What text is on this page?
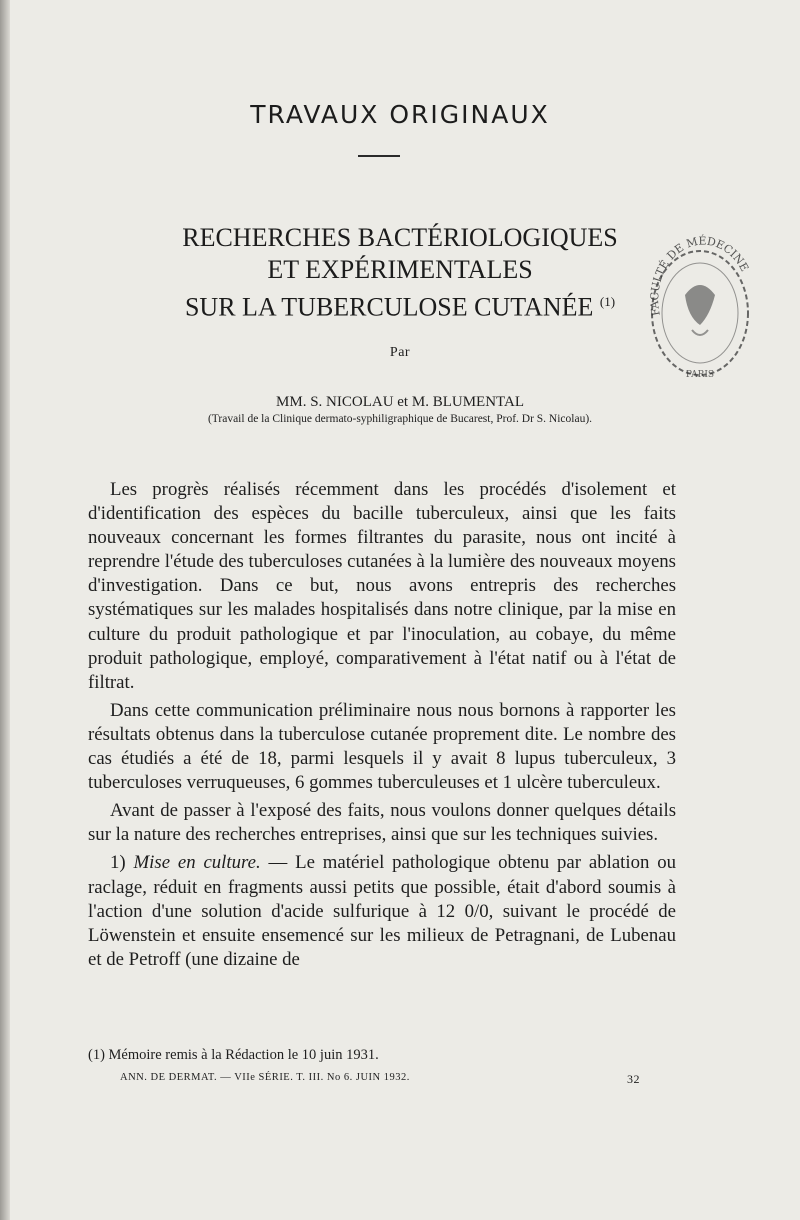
TRAVAUX ORIGINAUX
RECHERCHES BACTÉRIOLOGIQUES
ET EXPÉRIMENTALES
SUR LA TUBERCULOSE CUTANÉE $^{(1)}$
FACULTÉ DE MÉDECINE
PARIS
Par
MM. S. NICOLAU et M. BLUMENTAL
(Travail de la Clinique dermato-syphiligraphique de Bucarest, Prof. Dr S. Nicolau).

Les progrès réalisés récemment dans les procédés d'isolement et d'identification des espèces du bacille tuberculeux, ainsi que les faits nouveaux concernant les formes filtrantes du parasite, nous ont incité à reprendre l'étude des tuberculoses cutanées à la lumière des nouveaux moyens d'investigation. Dans ce but, nous avons entrepris des recherches systématiques sur les malades hospitalisés dans notre clinique, par la mise en culture du produit pathologique et par l'inoculation, au cobaye, du même produit pathologique, employé, comparativement à l'état natif ou à l'état de filtrat.

Dans cette communication préliminaire nous nous bornons à rapporter les résultats obtenus dans la tuberculose cutanée proprement dite. Le nombre des cas étudiés a été de 18, parmi lesquels il y avait 8 lupus tuberculeux, 3 tuberculoses verruqueuses, 6 gommes tuberculeuses et 1 ulcère tuberculeux.

Avant de passer à l'exposé des faits, nous voulons donner quelques détails sur la nature des recherches entreprises, ainsi que sur les techniques suivies.

1) Mise en culture. — Le matériel pathologique obtenu par ablation ou raclage, réduit en fragments aussi petits que possible, était d'abord soumis à l'action d'une solution d'acide sulfurique à 12 0/0, suivant le procédé de Löwenstein et ensuite ensemencé sur les milieux de Petragnani, de Lubenau et de Petroff (une dizaine de

(1) Mémoire remis à la Rédaction le 10 juin 1931.
ANN. DE DERMAT. — VIIe SÉRIE. T. III. No 6. JUIN 1932.	32
